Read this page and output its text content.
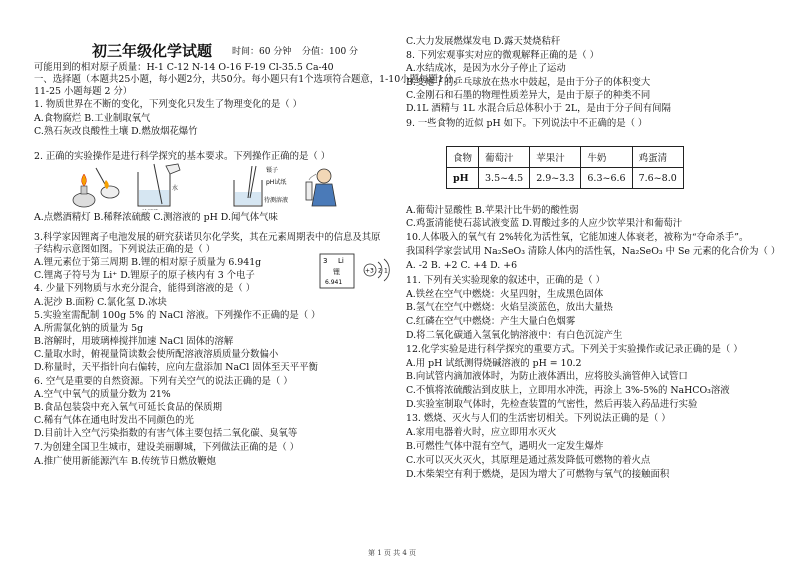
初三年级化学试题 时间：60 分钟 分值：100 分
可能用到的相对原子质量：H-1 C-12 N-14 O-16 F-19 Cl-35.5 Ca-40
一、选择题（本题共25小题，每小题2分，共50分。每小题只有1个选项符合题意，1-10小题每题1分，
11-25 小题每题 2 分）
1. 物质世界在不断的变化，下列变化只发生了物理变化的是（ ）
A.食物腐烂 B.工业制取氧气
C.熟石灰改良酸性土壤 D.燃放烟花爆竹
2. 正确的实验操作是进行科学探究的基本要求。下列操作正确的是（ ）
A.点燃酒精灯 B.稀释浓硫酸 C.测溶液的 pH D.闻气体气味
3.科学家因锂离子电池发展的研究获诺贝尔化学奖，其在元素周期表中的信息及其原
子结构示意图如图。下列说法正确的是（ ）
A.锂元素位于第三周期 B.锂的相对原子质量为 6.941g
C.锂离子符号为 Li⁺ D.锂原子的原子核内有 3 个电子
4. 少量下列物质与水充分混合，能得到溶液的是（ ）
A.泥沙 B.面粉 C.氯化氢 D.冰块
5.实验室需配制 100g 5% 的 NaCl 溶液。下列操作不正确的是（ ）
A.所需氯化钠的质量为 5g
B.溶解时，用玻璃棒搅拌加速 NaCl 固体的溶解
C.量取水时，俯视量筒读数会使所配溶液溶质质量分数偏小
D.称量时，天平指针向右偏转，应向左盘添加 NaCl 固体至天平平衡
6. 空气是重要的自然资源。下列有关空气的说法正确的是（ ）
A.空气中氧气的质量分数为 21%
B.食品包装袋中充入氧气可延长食品的保质期
C.稀有气体在通电时发出不同颜色的光
D.目前计入空气污染指数的有害气体主要包括二氧化碳、臭氧等
7.为创建全国卫生城市，建设美丽聊城，下列做法正确的是（ ）
A.推广使用新能源汽车 B.传统节日燃放鞭炮
C.大力发展燃煤发电 D.露天焚烧秸秆
8. 下列宏观事实对应的微观解释正确的是（ ）
A.水结成冰，是因为水分子停止了运动
B.变瘪了的乒乓球放在热水中鼓起，是由于分子的体积变大
C.金刚石和石墨的物理性质差异大，是由于原子的种类不同
D.1L 酒精与 1L 水混合后总体积小于 2L，是由于分子间有间隔
9. 一些食物的近似 pH 如下。下列说法中不正确的是（ ）
A.葡萄汁显酸性 B.苹果汁比牛奶的酸性弱
C.鸡蛋清能使石蕊试液变蓝 D.胃酸过多的人应少饮苹果汁和葡萄汁
10.人体吸入的氧气有 2%转化为活性氧，它能加速人体衰老，被称为“夺命杀手”。
我国科学家尝试用 Na₂SeO₃ 清除人体内的活性氧，Na₂SeO₃ 中 Se 元素的化合价为（ ）
A. -2 B. +2 C. +4 D. +6
11. 下列有关实验现象的叙述中，正确的是（ ）
A.铁丝在空气中燃烧：火星四射，生成黑色固体
B.氢气在空气中燃烧：火焰呈淡蓝色，放出大量热
C.红磷在空气中燃烧：产生大量白色烟雾
D.将二氧化碳通入氢氧化钠溶液中：有白色沉淀产生
12.化学实验是进行科学探究的重要方式。下列关于实验操作或记录正确的是（ ）
A.用 pH 试纸测得烧碱溶液的 pH = 10.2
B.向试管内滴加液体时，为防止液体洒出，应将胶头滴管伸入试管口
C.不慎将浓硫酸沾到皮肤上，立即用水冲洗，再涂上 3%-5%的 NaHCO₃溶液
D.实验室制取气体时，先检查装置的气密性，然后再装入药品进行实验
13. 燃烧、灭火与人们的生活密切相关。下列说法正确的是（ ）
A.家用电器着火时，应立即用水灭火
B.可燃性气体中混有空气，遇明火一定发生爆炸
C.水可以灭火灭火，其原理是通过蒸发降低可燃物的着火点
D.木柴架空有利于燃烧，是因为增大了可燃物与氧气的接触面积
水
镊子
pH试纸
待测溶液
3 Li
锂
6.941
+3 2 1
食物	葡萄汁	苹果汁	牛奶	鸡蛋清
pH	3.5~4.5	2.9~3.3	6.3~6.6	7.6~8.0
第 1 页 共 4 页
